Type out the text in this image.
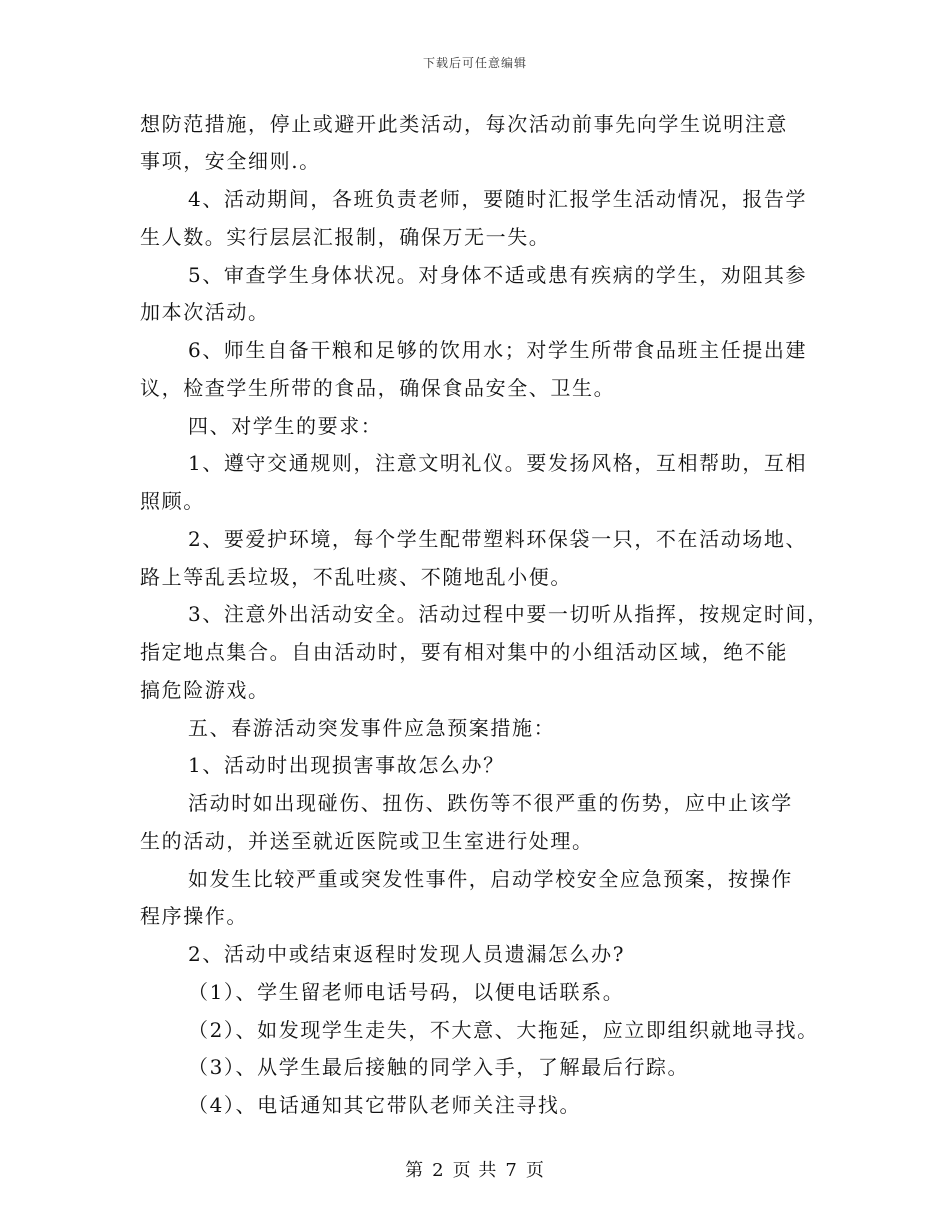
下载后可任意编辑
想防范措施，停止或避开此类活动，每次活动前事先向学生说明注意
事项，安全细则.。
4、活动期间，各班负责老师，要随时汇报学生活动情况，报告学
生人数。实行层层汇报制，确保万无一失。
5、审查学生身体状况。对身体不适或患有疾病的学生，劝阻其参
加本次活动。
6、师生自备干粮和足够的饮用水；对学生所带食品班主任提出建
议，检查学生所带的食品，确保食品安全、卫生。
四、对学生的要求：
1、遵守交通规则，注意文明礼仪。要发扬风格，互相帮助，互相
照顾。
2、要爱护环境，每个学生配带塑料环保袋一只，不在活动场地、
路上等乱丢垃圾，不乱吐痰、不随地乱小便。
3、注意外出活动安全。活动过程中要一切听从指挥，按规定时间，
指定地点集合。自由活动时，要有相对集中的小组活动区域，绝不能
搞危险游戏。
五、春游活动突发事件应急预案措施：
1、活动时出现损害事故怎么办？
活动时如出现碰伤、扭伤、跌伤等不很严重的伤势，应中止该学
生的活动，并送至就近医院或卫生室进行处理。
如发生比较严重或突发性事件，启动学校安全应急预案，按操作
程序操作。
2、活动中或结束返程时发现人员遗漏怎么办?
（1）、学生留老师电话号码，以便电话联系。
（2）、如发现学生走失，不大意、大拖延，应立即组织就地寻找。
（3）、从学生最后接触的同学入手，了解最后行踪。
（4）、电话通知其它带队老师关注寻找。
第 2 页 共 7 页
